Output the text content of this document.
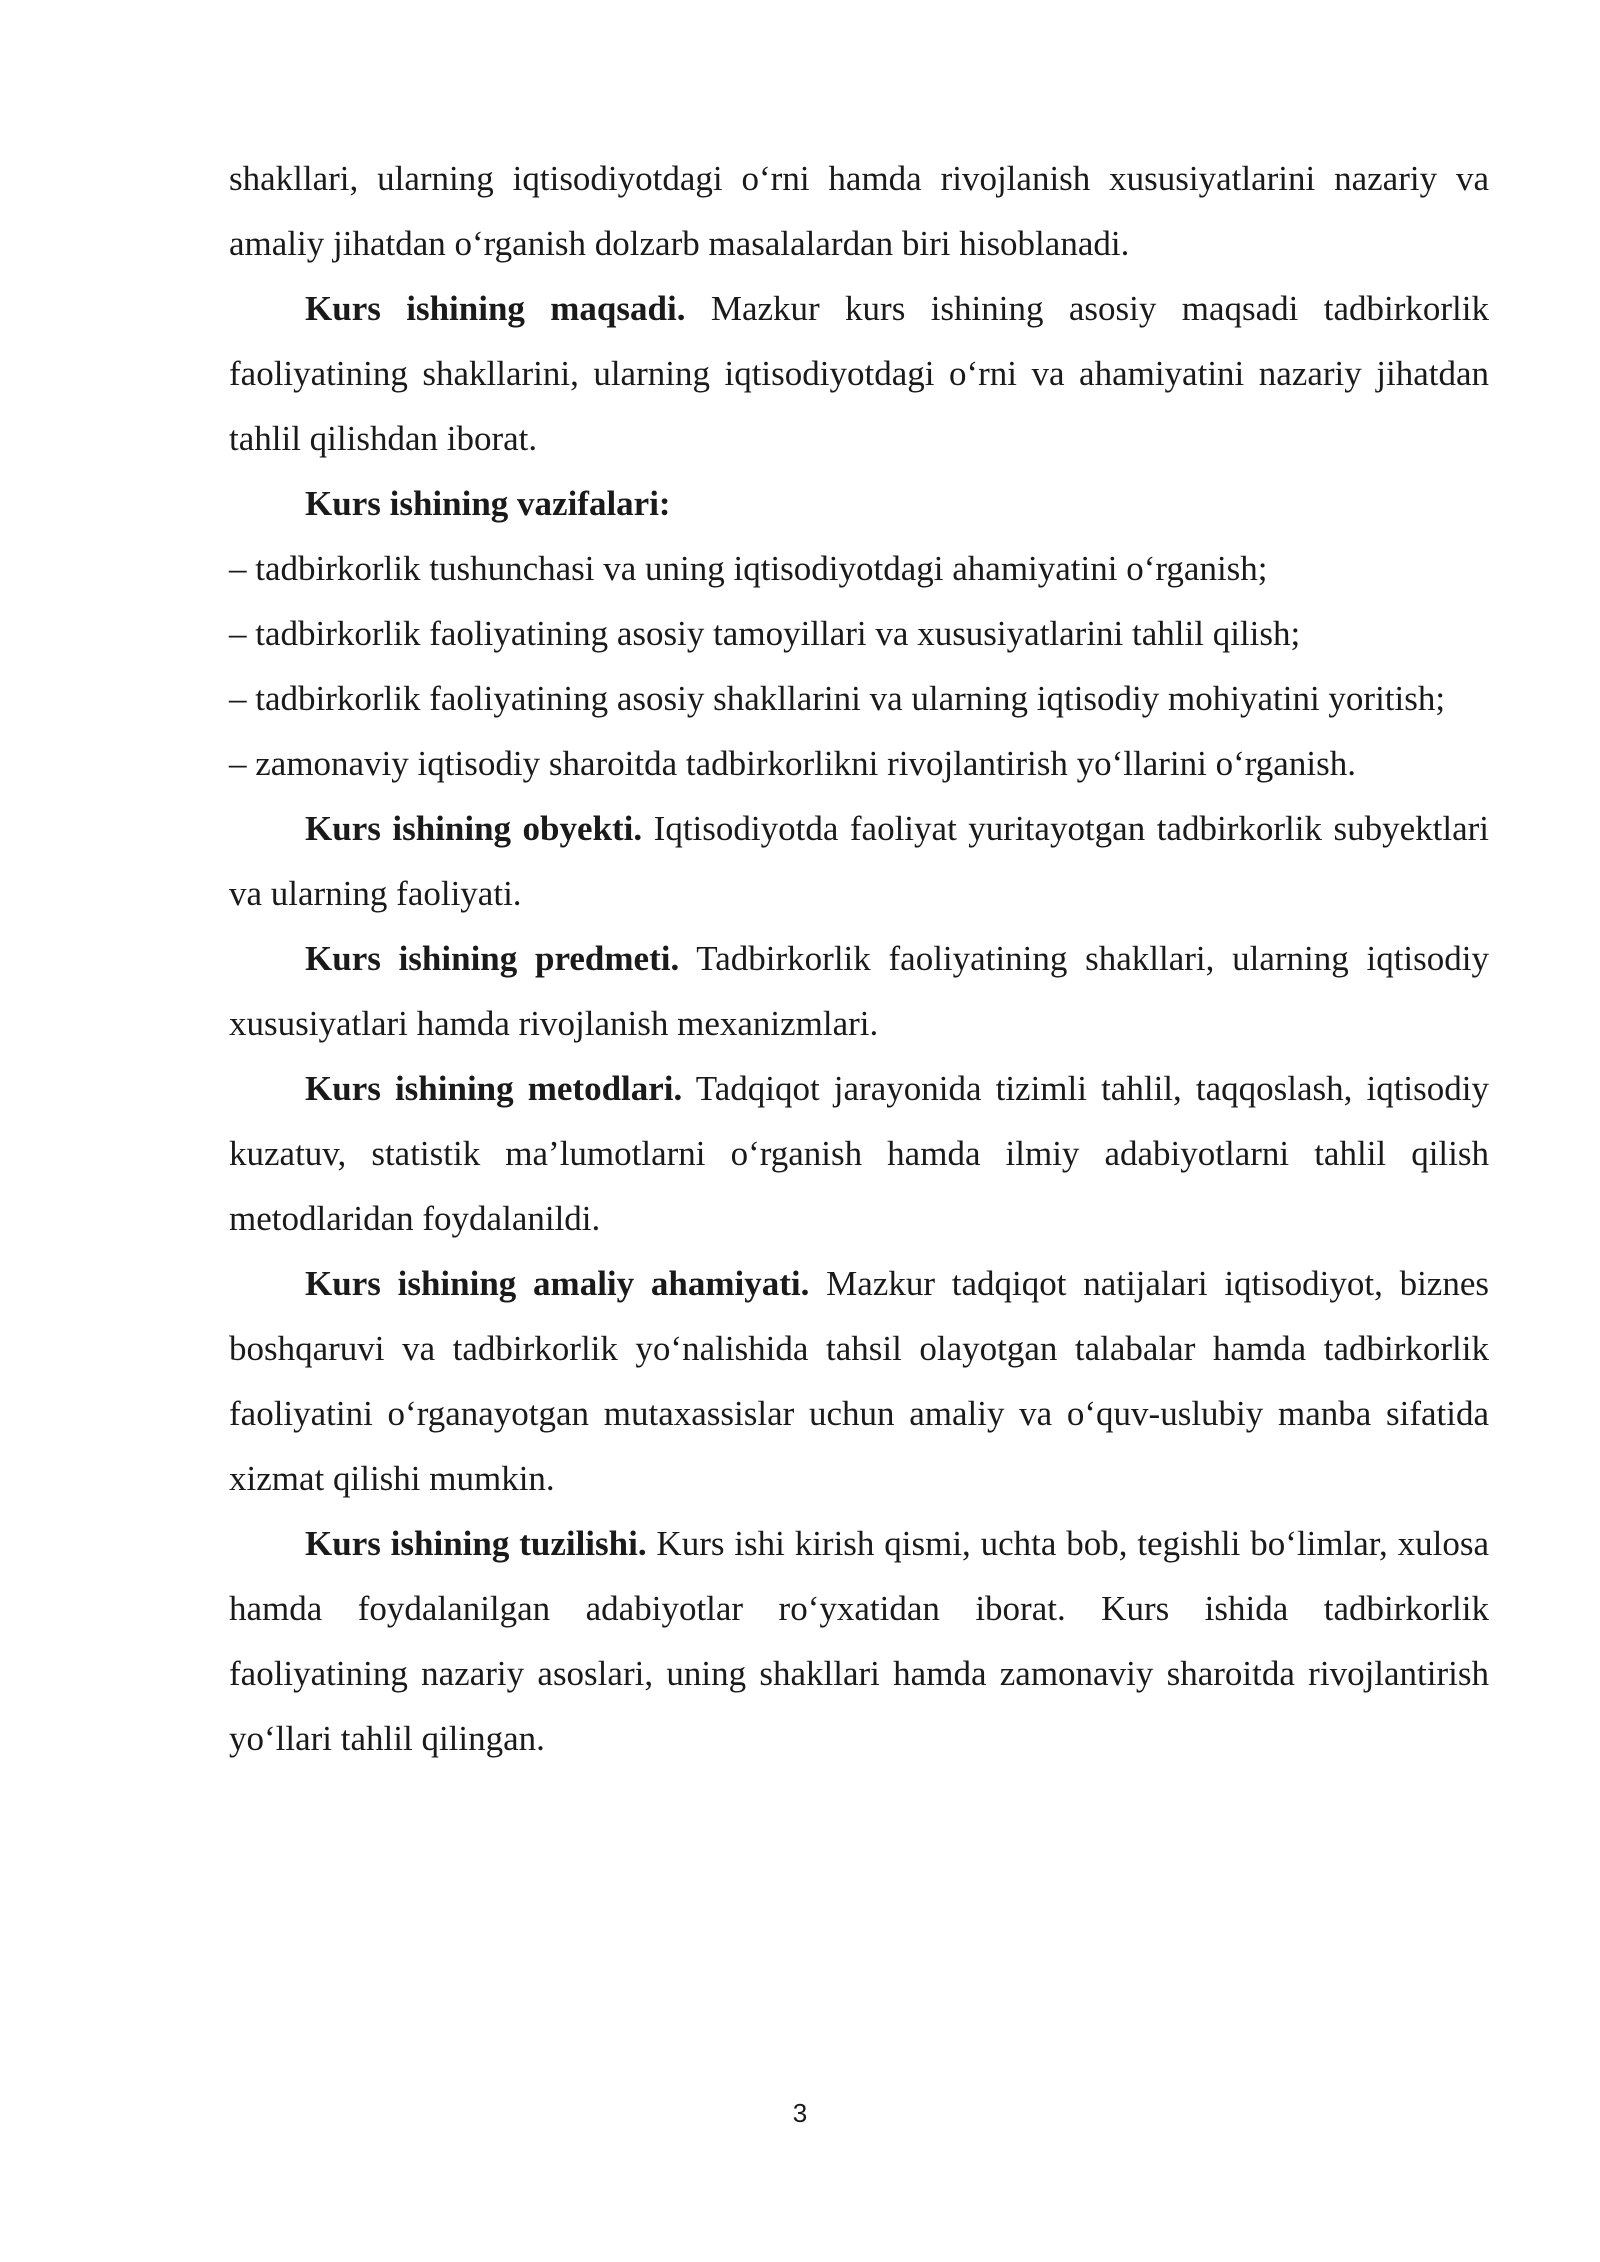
shakllari, ularning iqtisodiyotdagi o‘rni hamda rivojlanish xususiyatlarini nazariy va amaliy jihatdan o‘rganish dolzarb masalalardan biri hisoblanadi.

Kurs ishining maqsadi. Mazkur kurs ishining asosiy maqsadi tadbirkorlik faoliyatining shakllarini, ularning iqtisodiyotdagi o‘rni va ahamiyatini nazariy jihatdan tahlil qilishdan iborat.

Kurs ishining vazifalari:

– tadbirkorlik tushunchasi va uning iqtisodiyotdagi ahamiyatini o‘rganish;

– tadbirkorlik faoliyatining asosiy tamoyillari va xususiyatlarini tahlil qilish;

– tadbirkorlik faoliyatining asosiy shakllarini va ularning iqtisodiy mohiyatini yoritish;

– zamonaviy iqtisodiy sharoitda tadbirkorlikni rivojlantirish yo‘llarini o‘rganish.

Kurs ishining obyekti. Iqtisodiyotda faoliyat yuritayotgan tadbirkorlik subyektlari va ularning faoliyati.

Kurs ishining predmeti. Tadbirkorlik faoliyatining shakllari, ularning iqtisodiy xususiyatlari hamda rivojlanish mexanizmlari.

Kurs ishining metodlari. Tadqiqot jarayonida tizimli tahlil, taqqoslash, iqtisodiy kuzatuv, statistik ma’lumotlarni o‘rganish hamda ilmiy adabiyotlarni tahlil qilish metodlaridan foydalanildi.

Kurs ishining amaliy ahamiyati. Mazkur tadqiqot natijalari iqtisodiyot, biznes boshqaruvi va tadbirkorlik yo‘nalishida tahsil olayotgan talabalar hamda tadbirkorlik faoliyatini o‘rganayotgan mutaxassislar uchun amaliy va o‘quv-uslubiy manba sifatida xizmat qilishi mumkin.

Kurs ishining tuzilishi. Kurs ishi kirish qismi, uchta bob, tegishli bo‘limlar, xulosa hamda foydalanilgan adabiyotlar ro‘yxatidan iborat. Kurs ishida tadbirkorlik faoliyatining nazariy asoslari, uning shakllari hamda zamonaviy sharoitda rivojlantirish yo‘llari tahlil qilingan.

3
